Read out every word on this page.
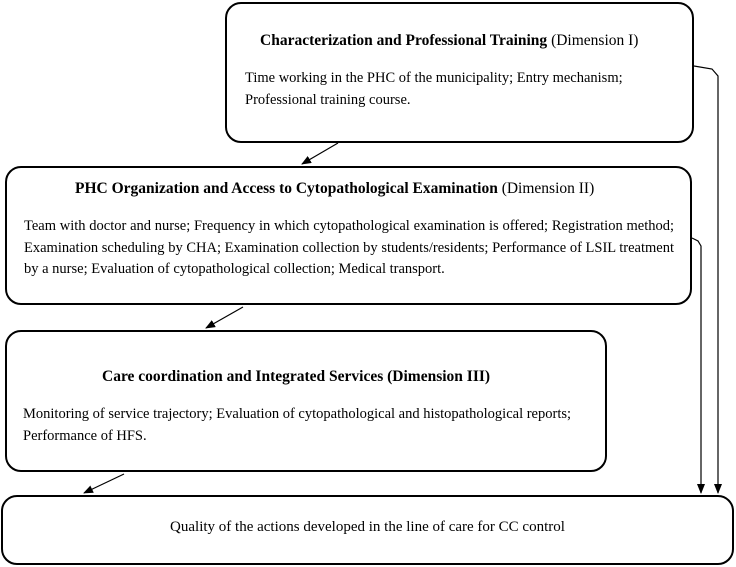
Characterization and Professional Training (Dimension I)
Time working in the PHC of the municipality; Entry mechanism; Professional training course.
PHC Organization and Access to Cytopathological Examination (Dimension II)
Team with doctor and nurse; Frequency in which cytopathological examination is offered; Registration method; Examination scheduling by CHA; Examination collection by students/residents; Performance of LSIL treatment by a nurse; Evaluation of cytopathological collection; Medical transport.
Care coordination and Integrated Services (Dimension III)
Monitoring of service trajectory; Evaluation of cytopathological and histopathological reports; Performance of HFS.
Quality of the actions developed in the line of care for CC control
